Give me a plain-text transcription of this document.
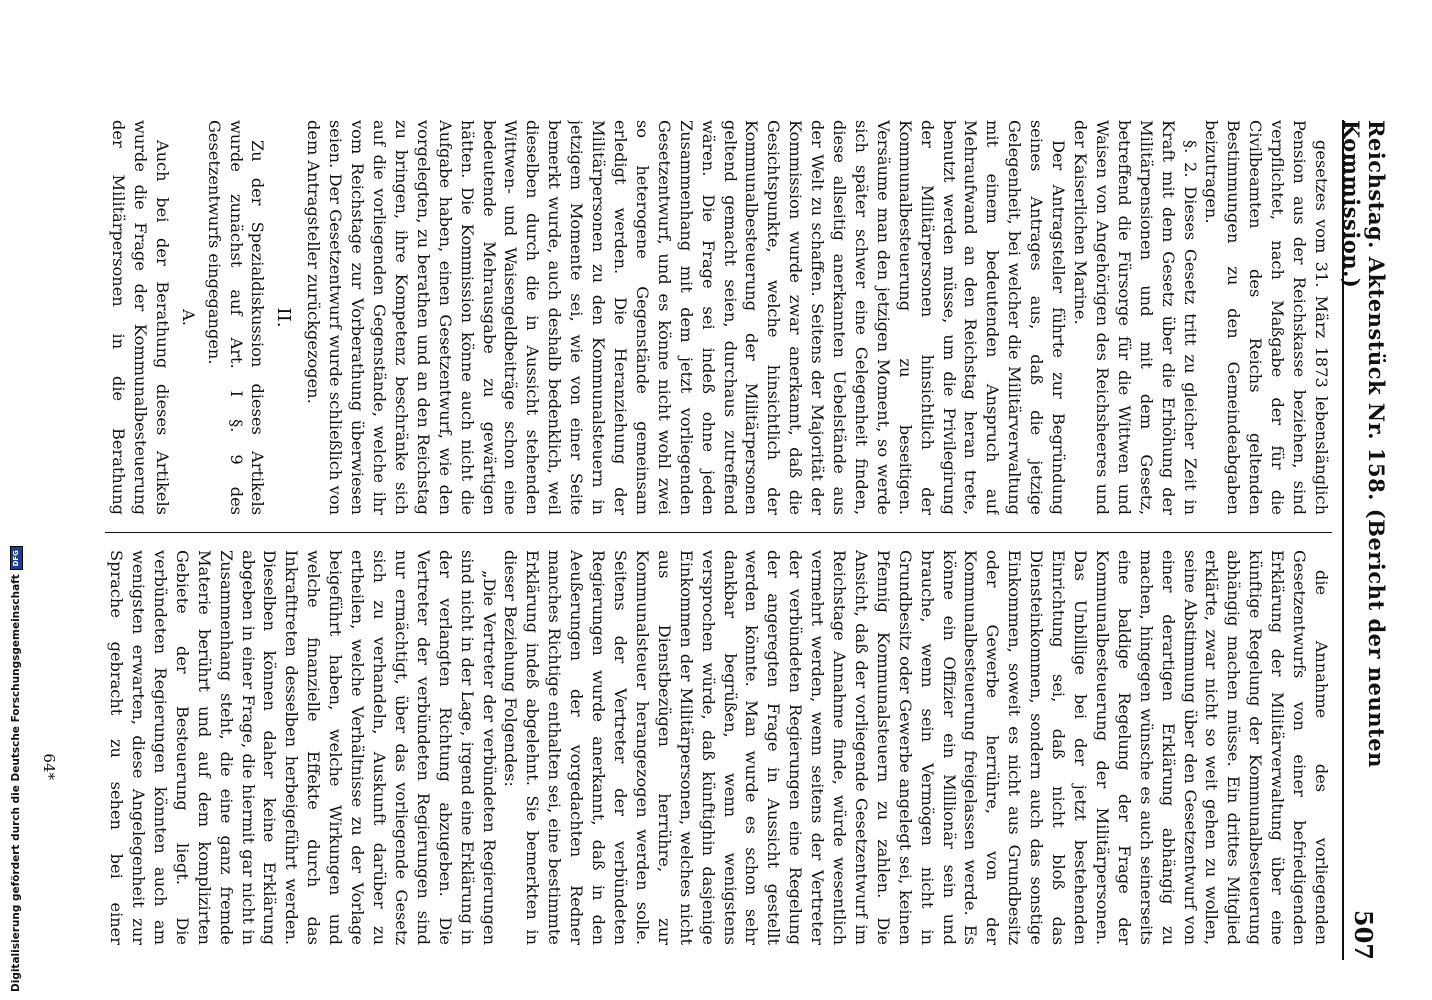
Reichstag. Aktenstück Nr. 158. (Bericht der neunten Kommission.)
507

gesetzes vom 31. März 1873 lebenslänglich Pension aus der Reichskasse beziehen, sind verpflichtet, nach Maßgabe der für die Civilbeamten des Reichs geltenden Bestimmungen zu den Gemeindeabgaben beizutragen.

§. 2. Dieses Gesetz tritt zu gleicher Zeit in Kraft mit dem Gesetz über die Erhöhung der Militärpensionen und mit dem Gesetz, betreffend die Fürsorge für die Wittwen und Waisen von Angehörigen des Reichsheeres und der Kaiserlichen Marine.

Der Antragsteller führte zur Begründung seines Antrages aus, daß die jetzige Gelegenheit, bei welcher die Militärverwaltung mit einem bedeutenden Anspruch auf Mehraufwand an den Reichstag heran trete, benutzt werden müsse, um die Privilegirung der Militärpersonen hinsichtlich der Kommunalbesteuerung zu beseitigen. Versäume man den jetzigen Moment, so werde sich später schwer eine Gelegenheit finden, diese allseitig anerkannten Uebelstände aus der Welt zu schaffen. Seitens der Majorität der Kommission wurde zwar anerkannt, daß die Gesichtspunkte, welche hinsichtlich der Kommunalbesteuerung der Militärpersonen geltend gemacht seien, durchaus zutreffend wären. Die Frage sei indeß ohne jeden Zusammenhang mit dem jetzt vorliegenden Gesetzentwurf, und es könne nicht wohl zwei so heterogene Gegenstände gemeinsam erledigt werden. Die Heranziehung der Militärpersonen zu den Kommunalsteuern in jetzigem Momente sei, wie von einer Seite bemerkt wurde, auch deshalb bedenklich, weil dieselben durch die in Aussicht stehenden Wittwen- und Waisengeldbeiträge schon eine bedeutende Mehrausgabe zu gewärtigen hätten. Die Kommission könne auch nicht die Aufgabe haben, einen Gesetzentwurf, wie den vorgelegten, zu berathen und an den Reichstag zu bringen, ihre Kompetenz beschränke sich auf die vorliegenden Gegenstände, welche ihr vom Reichstage zur Vorberathung überwiesen seien. Der Gesetzentwurf wurde schließlich von dem Antragsteller zurückgezogen.

II.

Zu der Spezialdiskussion dieses Artikels wurde zunächst auf Art. I §. 9 des Gesetzentwurfs eingegangen.

A.

Auch bei der Berathung dieses Artikels wurde die Frage der Kommunalbesteuerung der Militärpersonen in die Berathung

die Annahme des vorliegenden Gesetzentwurfs von einer befriedigenden Erklärung der Militärverwaltung über eine künftige Regelung der Kommunalbesteuerung abhängig machen müsse. Ein drittes Mitglied erklärte, zwar nicht so weit gehen zu wollen, seine Abstimmung über den Gesetzentwurf von einer derartigen Erklärung abhängig zu machen, hingegen wünsche es auch seinerseits eine baldige Regelung der Frage der Kommunalbesteuerung der Militärpersonen. Das Unbillige bei der jetzt bestehenden Einrichtung sei, daß nicht bloß das Diensteinkommen, sondern auch das sonstige Einkommen, soweit es nicht aus Grundbesitz oder Gewerbe herrühre, von der Kommunalbesteuerung freigelassen werde. Es könne ein Offizier ein Millionär sein und brauche, wenn sein Vermögen nicht in Grundbesitz oder Gewerbe angelegt sei, keinen Pfennig Kommunalsteuern zu zahlen. Die Ansicht, daß der vorliegende Gesetzentwurf im Reichstage Annahme finde, würde wesentlich vermehrt werden, wenn seitens der Vertreter der verbündeten Regierungen eine Regelung der angeregten Frage in Aussicht gestellt werden könnte. Man wurde es schon sehr dankbar begrüßen, wenn wenigstens versprochen würde, daß künftighin dasjenige Einkommen der Militärpersonen, welches nicht aus Dienstbezügen herrühre, zur Kommunalsteuer herangezogen werden solle. Seitens der Vertreter der verbündeten Regierungen wurde anerkannt, daß in den Aeußerungen der vorgedachten Redner manches Richtige enthalten sei, eine bestimmte Erklärung indeß abgelehnt. Sie bemerkten in dieser Beziehung Folgendes:

„Die Vertreter der verbündeten Regierungen sind nicht in der Lage, irgend eine Erklärung in der verlangten Richtung abzugeben. Die Vertreter der verbündeten Regierungen sind nur ermächtigt, über das vorliegende Gesetz sich zu verhandeln, Auskunft darüber zu ertheilen, welche Verhältnisse zu der Vorlage beigeführt haben, welche Wirkungen und welche finanzielle Effekte durch das Inkrafttreten desselben herbeigeführt werden. Dieselben können daher keine Erklärung abgeben in einer Frage, die hiermit gar nicht in Zusammenhang steht, die eine ganz fremde Materie berührt und auf dem komplizirten Gebiete der Besteuerung liegt. Die verbündeten Regierungen könnten auch am wenigsten erwarten, diese Angelegenheit zur Sprache gebracht zu sehen bei einer

64*
Digitalisierung gefördert durch die Deutsche Forschungsgemeinschaft
DFG
